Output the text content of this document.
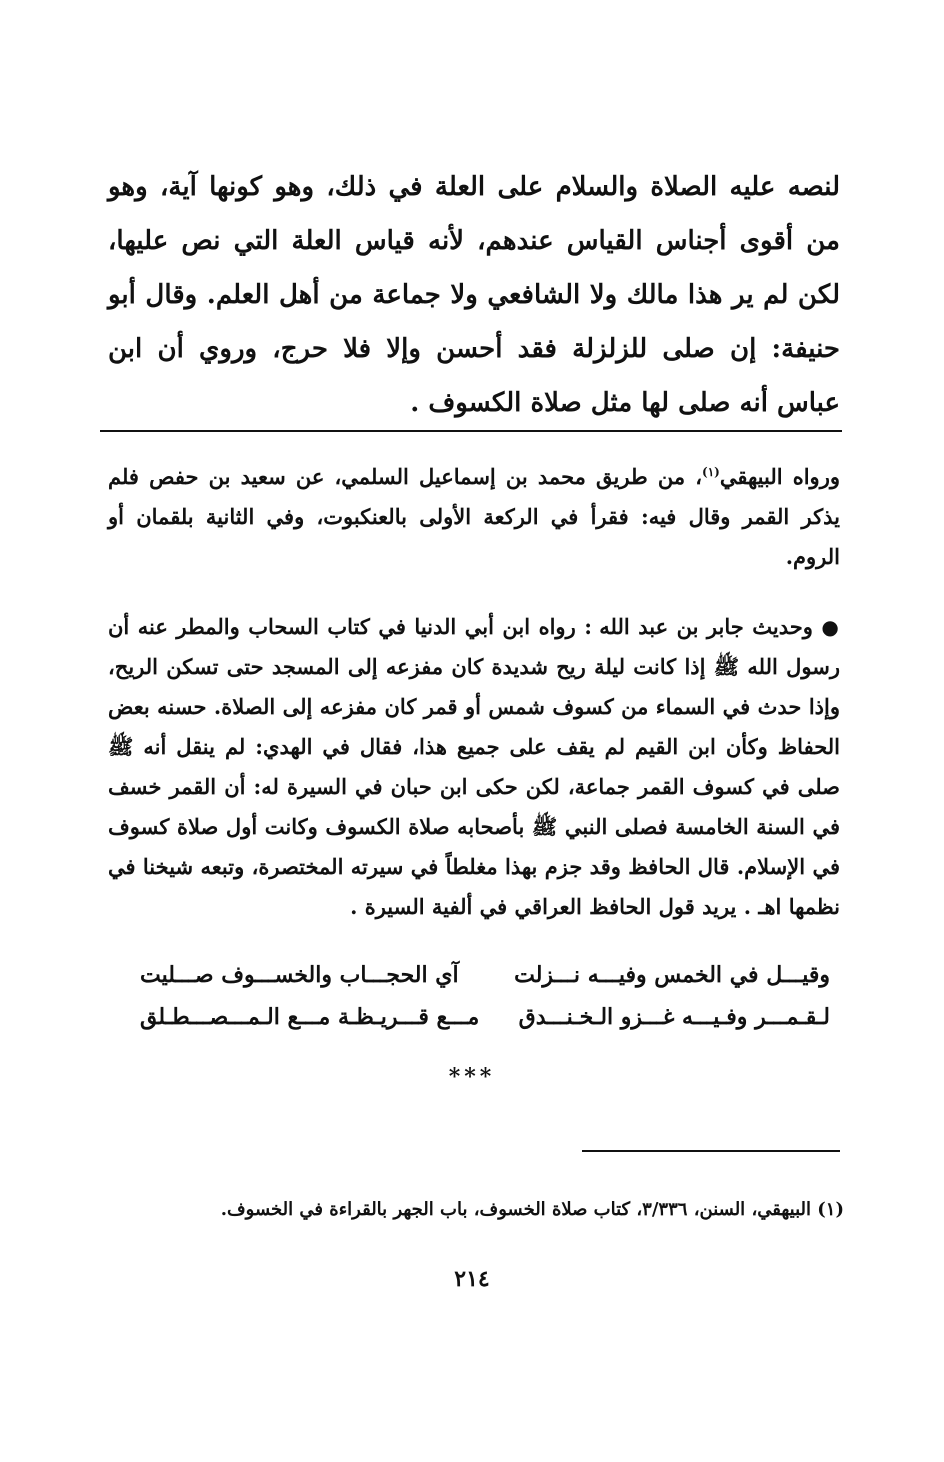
لنصه عليه الصلاة والسلام على العلة في ذلك، وهو كونها آية، وهو من أقوى أجناس القياس عندهم، لأنه قياس العلة التي نص عليها، لكن لم ير هذا مالك ولا الشافعي ولا جماعة من أهل العلم. وقال أبو حنيفة: إن صلى للزلزلة فقد أحسن وإلا فلا حرج، وروي أن ابن عباس أنه صلى لها مثل صلاة الكسوف .

ورواه البيهقي$^{(١)}$، من طريق محمد بن إسماعيل السلمي، عن سعيد بن حفص فلم يذكر القمر وقال فيه: فقرأ في الركعة الأولى بالعنكبوت، وفي الثانية بلقمان أو الروم.

● وحديث جابر بن عبد الله : رواه ابن أبي الدنيا في كتاب السحاب والمطر عنه أن رسول الله ﷺ إذا كانت ليلة ريح شديدة كان مفزعه إلى المسجد حتى تسكن الريح، وإذا حدث في السماء من كسوف شمس أو قمر كان مفزعه إلى الصلاة. حسنه بعض الحفاظ وكأن ابن القيم لم يقف على جميع هذا، فقال في الهدي: لم ينقل أنه ﷺ صلى في كسوف القمر جماعة، لكن حكى ابن حبان في السيرة له: أن القمر خسف في السنة الخامسة فصلى النبي ﷺ بأصحابه صلاة الكسوف وكانت أول صلاة كسوف في الإسلام. قال الحافظ وقد جزم بهذا مغلطاً في سيرته المختصرة، وتبعه شيخنا في نظمها اهـ . يريد قول الحافظ العراقي في ألفية السيرة .

وقيـــل في الخمس وفيـــه نـــزلت
آي الحجـــاب والخســـوف صـــليت
لـقـمـــر وفـيـــه غـــزو الـخـنـــدق
مـــع قـــريـظـة مـــع الـمـــصـــطـلق
***
(١) البيهقي، السنن، ٣/٣٣٦، كتاب صلاة الخسوف، باب الجهر بالقراءة في الخسوف.
٢١٤
